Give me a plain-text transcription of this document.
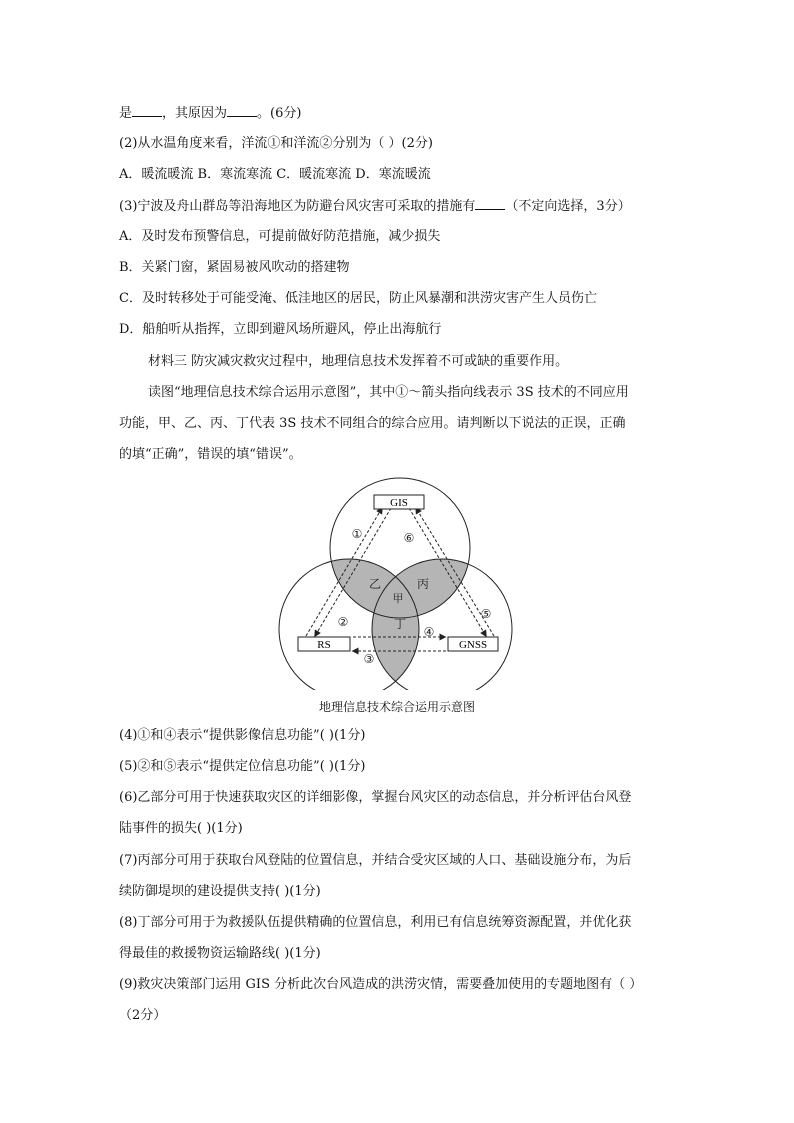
是 ，其原因为 。(6分)
(2)从水温角度来看，洋流①和洋流②分别为（ ）(2分)
A．暖流暖流 B．寒流寒流 C．暖流寒流 D．寒流暖流
(3)宁波及舟山群岛等沿海地区为防避台风灾害可采取的措施有 （不定向选择，3分）
A．及时发布预警信息，可提前做好防范措施，减少损失
B．关紧门窗，紧固易被风吹动的搭建物
C．及时转移处于可能受淹、低洼地区的居民，防止风暴潮和洪涝灾害产生人员伤亡
D．船舶听从指挥，立即到避风场所避风，停止出海航行
材料三 防灾减灾救灾过程中，地理信息技术发挥着不可或缺的重要作用。
读图“地理信息技术综合运用示意图”，其中①～箭头指向线表示 3S 技术的不同应用
功能，甲、乙、丙、丁代表 3S 技术不同组合的综合应用。请判断以下说法的正误，正确
的填“正确”，错误的填“错误”。
GIS
RS	GNSS
①	⑥
②
⑤
④
③
乙	丙
甲
丁
地理信息技术综合运用示意图
(4)①和④表示“提供影像信息功能”( )(1分)
(5)②和⑤表示“提供定位信息功能”( )(1分)
(6)乙部分可用于快速获取灾区的详细影像，掌握台风灾区的动态信息，并分析评估台风登
陆事件的损失( )(1分)
(7)丙部分可用于获取台风登陆的位置信息，并结合受灾区域的人口、基础设施分布，为后
续防御堤坝的建设提供支持( )(1分)
(8)丁部分可用于为救援队伍提供精确的位置信息，利用已有信息统筹资源配置，并优化获
得最佳的救援物资运输路线( )(1分)
(9)救灾决策部门运用 GIS 分析此次台风造成的洪涝灾情，需要叠加使用的专题地图有（ ）
（2分）
